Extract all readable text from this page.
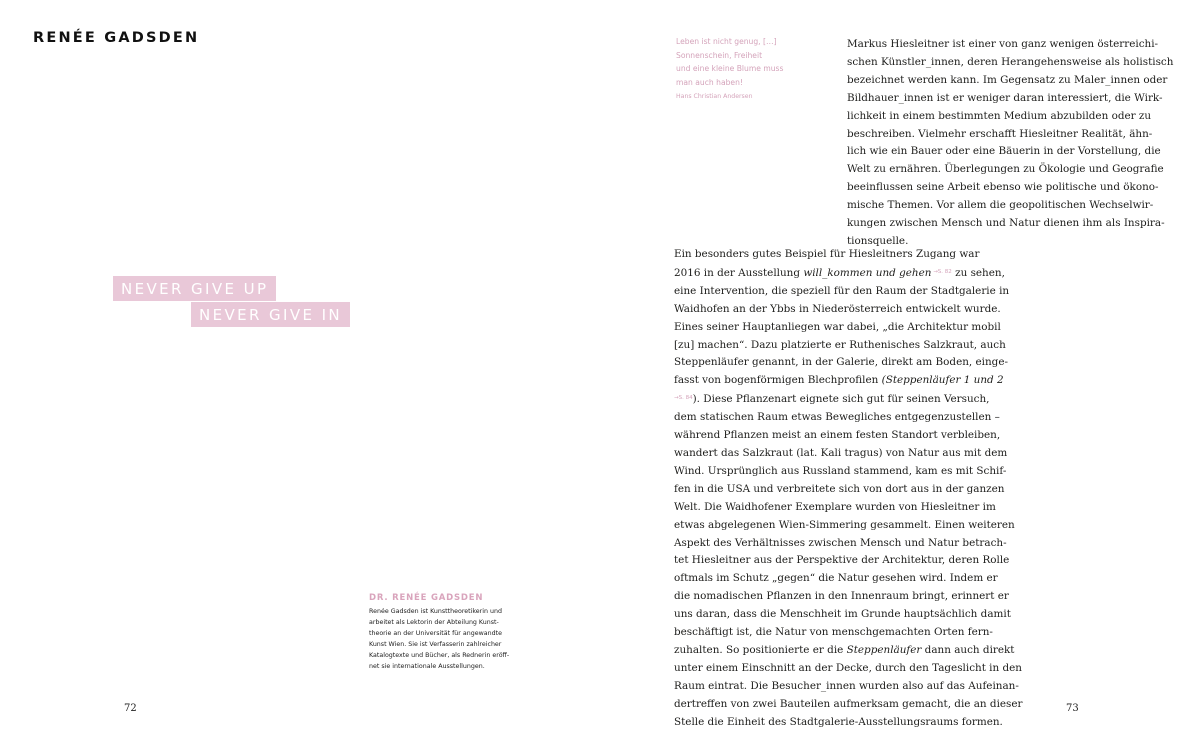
RENÉE GADSDEN
NEVER GIVE UP
NEVER GIVE IN

DR. RENÉE GADSDEN

Renée Gadsden ist Kunsttheoretikerin und
arbeitet als Lektorin der Abteilung Kunst-
theorie an der Universität für angewandte
Kunst Wien. Sie ist Verfasserin zahlreicher
Katalogtexte und Bücher, als Rednerin eröff-
net sie internationale Ausstellungen.

72

Leben ist nicht genug, […]
Sonnenschein, Freiheit
und eine kleine Blume muss
man auch haben!

Hans Christian Andersen

Markus Hiesleitner ist einer von ganz wenigen österreichi-
schen Künstler_innen, deren Herangehensweise als holistisch
bezeichnet werden kann. Im Gegensatz zu Maler_innen oder
Bildhauer_innen ist er weniger daran interessiert, die Wirk-
lichkeit in einem bestimmten Medium abzubilden oder zu
beschreiben. Vielmehr erschafft Hiesleitner Realität, ähn-
lich wie ein Bauer oder eine Bäuerin in der Vorstellung, die
Welt zu ernähren. Überlegungen zu Ökologie und Geografie
beeinflussen seine Arbeit ebenso wie politische und ökono-
mische Themen. Vor allem die geopolitischen Wechselwir-
kungen zwischen Mensch und Natur dienen ihm als Inspira-
tionsquelle.

Ein besonders gutes Beispiel für Hiesleitners Zugang war
2016 in der Ausstellung will_kommen und gehen $^{\to S. 82}$ zu sehen,
eine Intervention, die speziell für den Raum der Stadtgalerie in
Waidhofen an der Ybbs in Niederösterreich entwickelt wurde.
Eines seiner Hauptanliegen war dabei, „die Architektur mobil
[zu] machen“. Dazu platzierte er Ruthenisches Salzkraut, auch
Steppenläufer genannt, in der Galerie, direkt am Boden, einge-
fasst von bogenförmigen Blechprofilen (Steppenläufer 1 und 2
$^{\to S. 84}$). Diese Pflanzenart eignete sich gut für seinen Versuch,
dem statischen Raum etwas Bewegliches entgegenzustellen –
während Pflanzen meist an einem festen Standort verbleiben,
wandert das Salzkraut (lat. Kali tragus) von Natur aus mit dem
Wind. Ursprünglich aus Russland stammend, kam es mit Schif-
fen in die USA und verbreitete sich von dort aus in der ganzen
Welt. Die Waidhofener Exemplare wurden von Hiesleitner im
etwas abgelegenen Wien-Simmering gesammelt. Einen weiteren
Aspekt des Verhältnisses zwischen Mensch und Natur betrach-
tet Hiesleitner aus der Perspektive der Architektur, deren Rolle
oftmals im Schutz „gegen“ die Natur gesehen wird. Indem er
die nomadischen Pflanzen in den Innenraum bringt, erinnert er
uns daran, dass die Menschheit im Grunde hauptsächlich damit
beschäftigt ist, die Natur von menschgemachten Orten fern-
zuhalten. So positionierte er die Steppenläufer dann auch direkt
unter einem Einschnitt an der Decke, durch den Tageslicht in den
Raum eintrat. Die Besucher_innen wurden also auf das Aufeinan-
dertreffen von zwei Bauteilen aufmerksam gemacht, die an dieser
Stelle die Einheit des Stadtgalerie-Ausstellungsraums formen.

73
